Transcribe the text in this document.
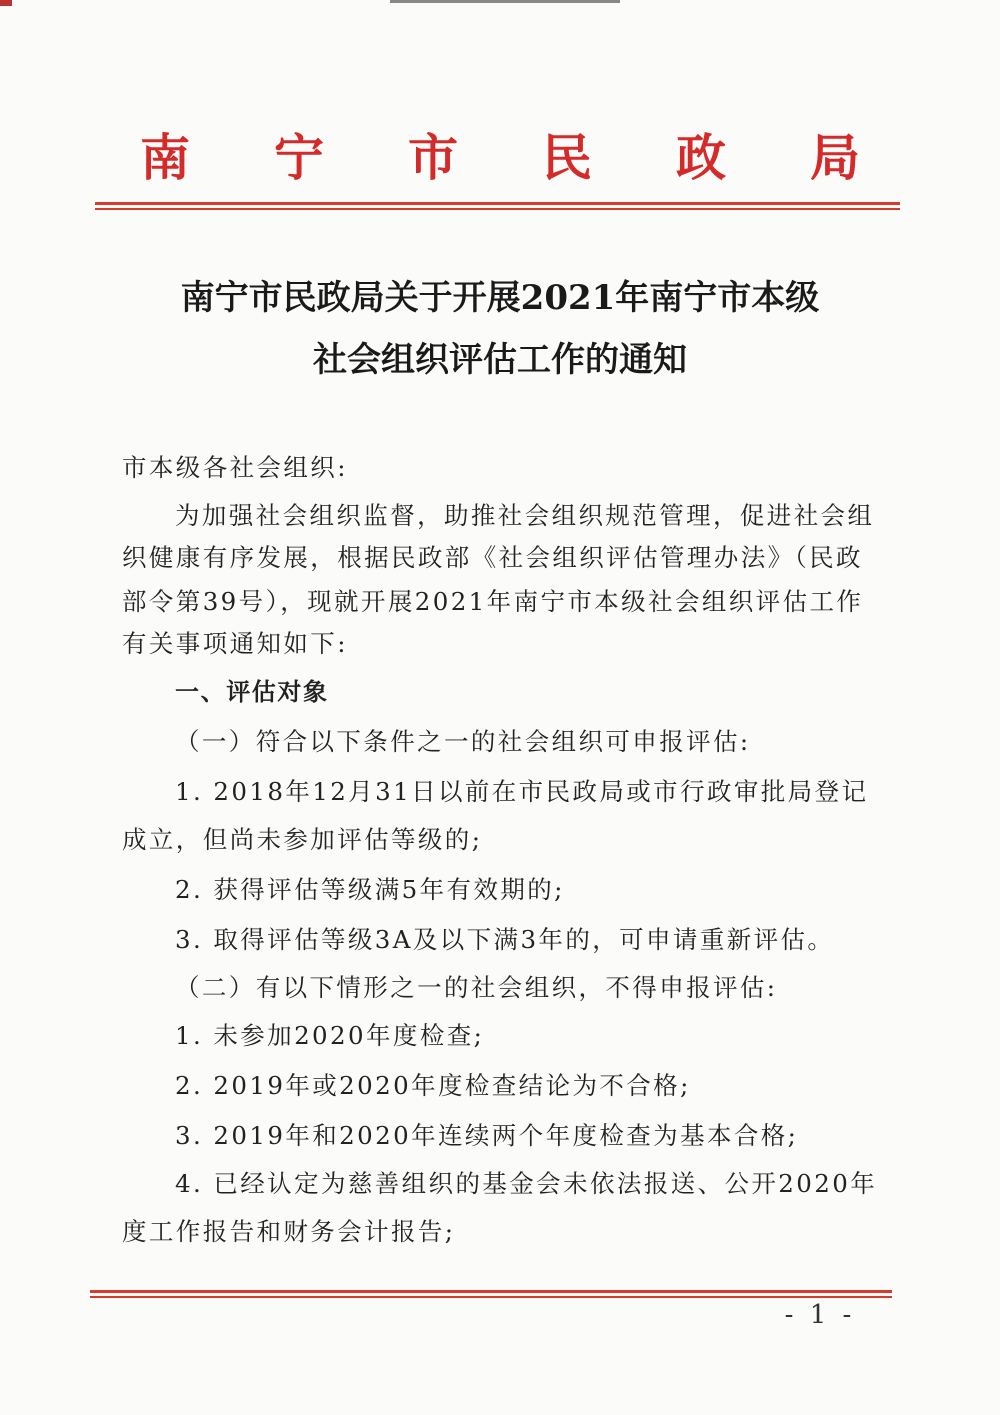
南 宁 市 民 政 局
南宁市民政局关于开展2021年南宁市本级
社会组织评估工作的通知
市本级各社会组织:
为加强社会组织监督，助推社会组织规范管理，促进社会组
织健康有序发展，根据民政部《社会组织评估管理办法》（民政
部令第39号），现就开展2021年南宁市本级社会组织评估工作
有关事项通知如下:
一、评估对象
（一）符合以下条件之一的社会组织可申报评估:
1. 2018年12月31日以前在市民政局或市行政审批局登记
成立，但尚未参加评估等级的;
2. 获得评估等级满5年有效期的;
3. 取得评估等级3A及以下满3年的，可申请重新评估。
（二）有以下情形之一的社会组织，不得申报评估:
1. 未参加2020年度检查;
2. 2019年或2020年度检查结论为不合格;
3. 2019年和2020年连续两个年度检查为基本合格;
4. 已经认定为慈善组织的基金会未依法报送、公开2020年
度工作报告和财务会计报告;
- 1 -
